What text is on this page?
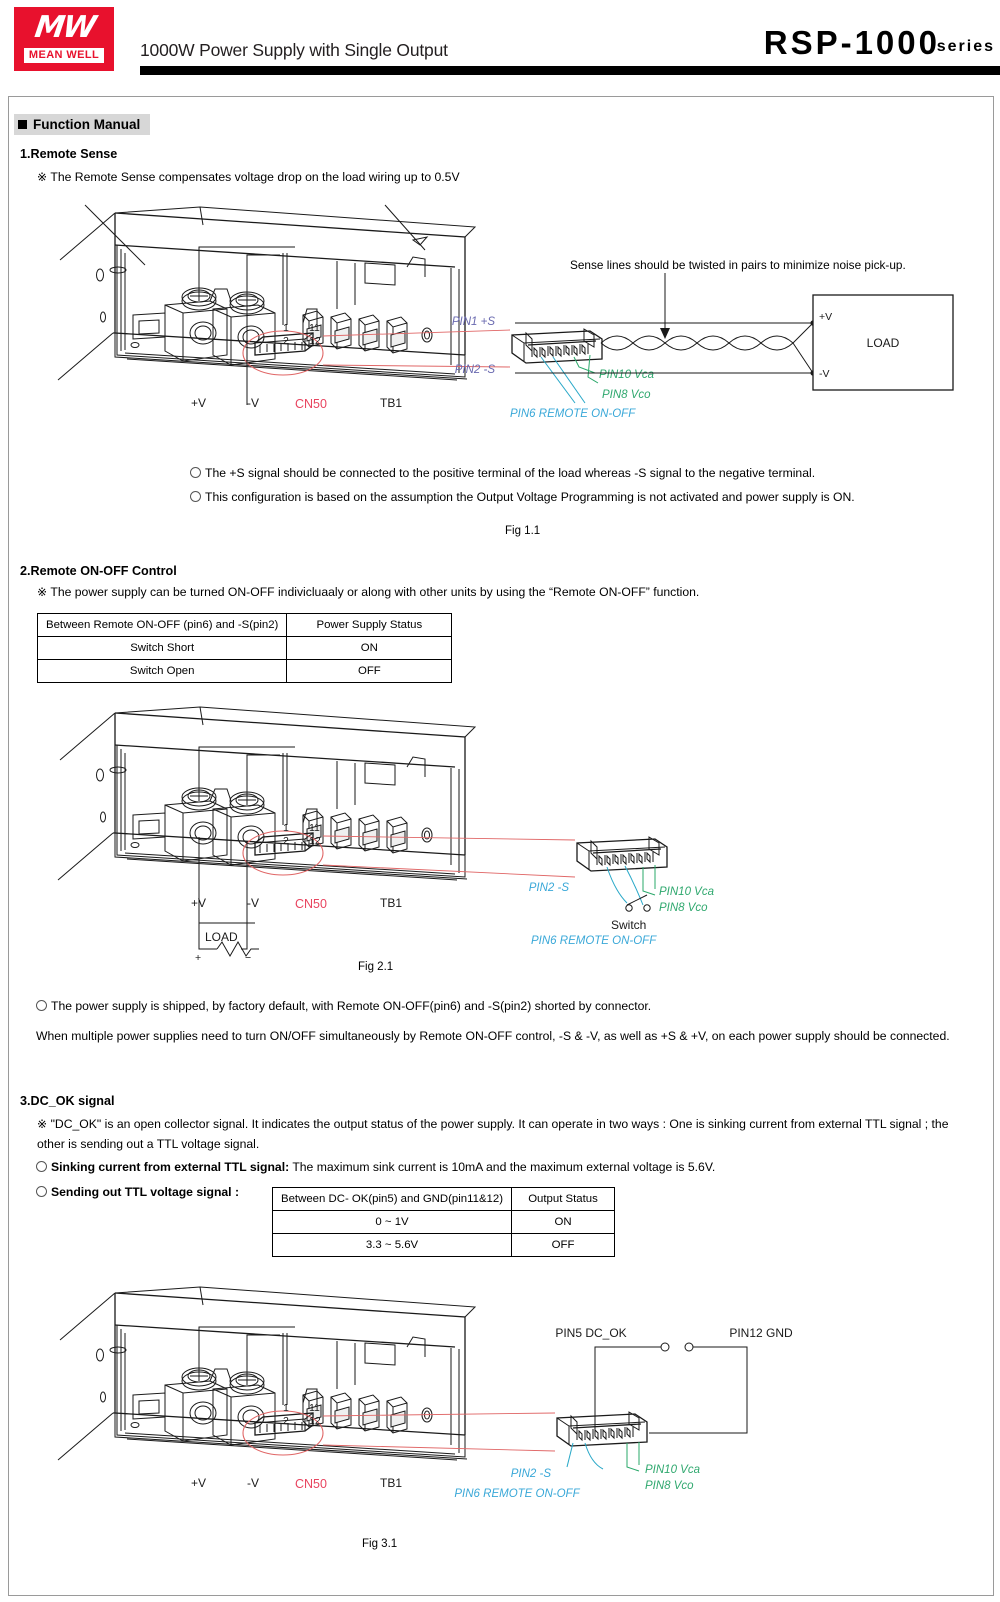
MW
MEAN WELL 1000W Power Supply with Single Output	RSP-1000
series
Function Manual
1.Remote Sense
※ The Remote Sense compensates voltage drop on the load wiring up to 0.5V
+V	-V	CN50	TB1
1 11
2 12
PIN1 +S
PIN2 -S	PIN10 Vca
PIN8 Vco
PIN6 REMOTE ON-OFF
LOAD
+V
-V
Sense lines should be twisted in pairs to minimize noise pick-up.
The +S signal should be connected to the positive terminal of the load whereas -S signal to the negative terminal.
This configuration is based on the assumption the Output Voltage Programming is not activated and power supply is ON.
Fig 1.1
2.Remote ON-OFF Control
※ The power supply can be turned ON-OFF indivicluaaly or along with other units by using the “Remote ON-OFF” function.
Between Remote ON-OFF (pin6) and -S(pin2)	Power Supply Status
Switch Short	ON
Switch Open	OFF
+V	-V	CN50	TB1
1 11
2 12
LOAD
+	−
PIN2 -S	PIN10 Vca
PIN8 Vco
Switch
PIN6 REMOTE ON-OFF
Fig 2.1
The power supply is shipped, by factory default, with Remote ON-OFF(pin6) and -S(pin2) shorted by connector.
When multiple power supplies need to turn ON/OFF simultaneously by Remote ON-OFF control, -S & -V, as well as +S & +V, on each power supply should be connected.
3.DC_OK signal
※ "DC_OK" is an open collector signal. It indicates the output status of the power supply. It can operate in two ways : One is sinking current from external TTL signal ; the other is sending out a TTL voltage signal.
Sinking current from external TTL signal: The maximum sink current is 10mA and the maximum external voltage is 5.6V.
Sending out TTL voltage signal :	Between DC- OK(pin5) and GND(pin11&12)	Output Status
0 ~ 1V	ON
3.3 ~ 5.6V	OFF
+V	-V	CN50	TB1
1 11
2 12
PIN5 DC_OK	PIN12 GND
PIN2 -S	PIN10 Vca
PIN8 Vco
PIN6 REMOTE ON-OFF
Fig 3.1
